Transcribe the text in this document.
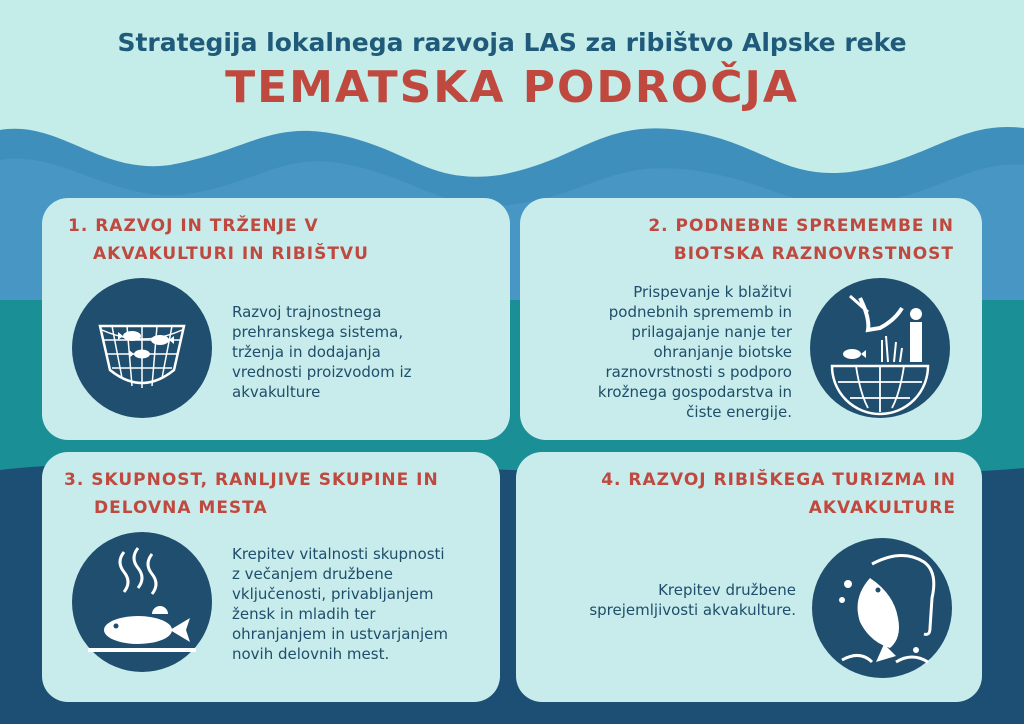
Strategija lokalnega razvoja LAS za ribištvo Alpske reke
TEMATSKA PODROČJA
1. RAZVOJ IN TRŽENJE V
AKVAKULTURI IN RIBIŠTVU
Razvoj trajnostnega
prehranskega sistema,
trženja in dodajanja
vrednosti proizvodom iz
akvakulture
2. PODNEBNE SPREMEMBE IN
BIOTSKA RAZNOVRSTNOST
Prispevanje k blažitvi
podnebnih sprememb in
prilagajanje nanje ter
ohranjanje biotske
raznovrstnosti s podporo
krožnega gospodarstva in
čiste energije.
3. SKUPNOST, RANLJIVE SKUPINE IN
DELOVNA MESTA
Krepitev vitalnosti skupnosti
z večanjem družbene
vključenosti, privabljanjem
žensk in mladih ter
ohranjanjem in ustvarjanjem
novih delovnih mest.
4. RAZVOJ RIBIŠKEGA TURIZMA IN
AKVAKULTURE
Krepitev družbene
sprejemljivosti akvakulture.
